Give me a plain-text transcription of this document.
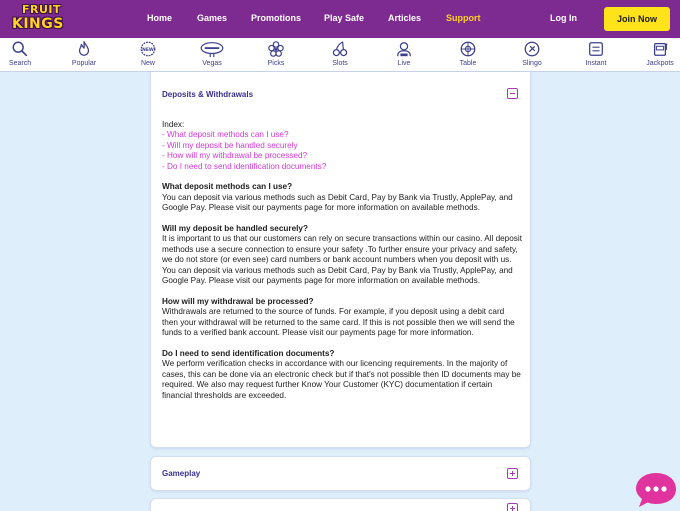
FRUIT
KINGS	Home	Games	Promotions	Play Safe	Articles	Support	Log In	Join Now
Search	Popular
NEW
New	Vegas	Picks	Slots	Live	Table	Slingo	Instant	Jackpots
Deposits & Withdrawals
Index:
- What deposit methods can I use?
- Will my deposit be handled securely
- How will my withdrawal be processed?
- Do I need to send identification documents?
What deposit methods can I use?
You can deposit via various methods such as Debit Card, Pay by Bank via Trustly, ApplePay, and Google Pay. Please visit our payments page for more information on available methods.
Will my deposit be handled securely?
It is important to us that our customers can rely on secure transactions within our casino. All deposit methods use a secure connection to ensure your safety .To further ensure your privacy and safety, we do not store (or even see) card numbers or bank account numbers when you deposit with us. You can deposit via various methods such as Debit Card, Pay by Bank via Trustly, ApplePay, and Google Pay. Please visit our payments page for more information on available methods.
How will my withdrawal be processed?
Withdrawals are returned to the source of funds. For example, if you deposit using a debit card then your withdrawal will be returned to the same card. If this is not possible then we will send the funds to a verified bank account. Please visit our payments page for more information.
Do I need to send identification documents?
We perform verification checks in accordance with our licencing requirements. In the majority of cases, this can be done via an electronic check but if that's not possible then ID documents may be required. We also may request further Know Your Customer (KYC) documentation if certain financial thresholds are exceeded.
Gameplay
